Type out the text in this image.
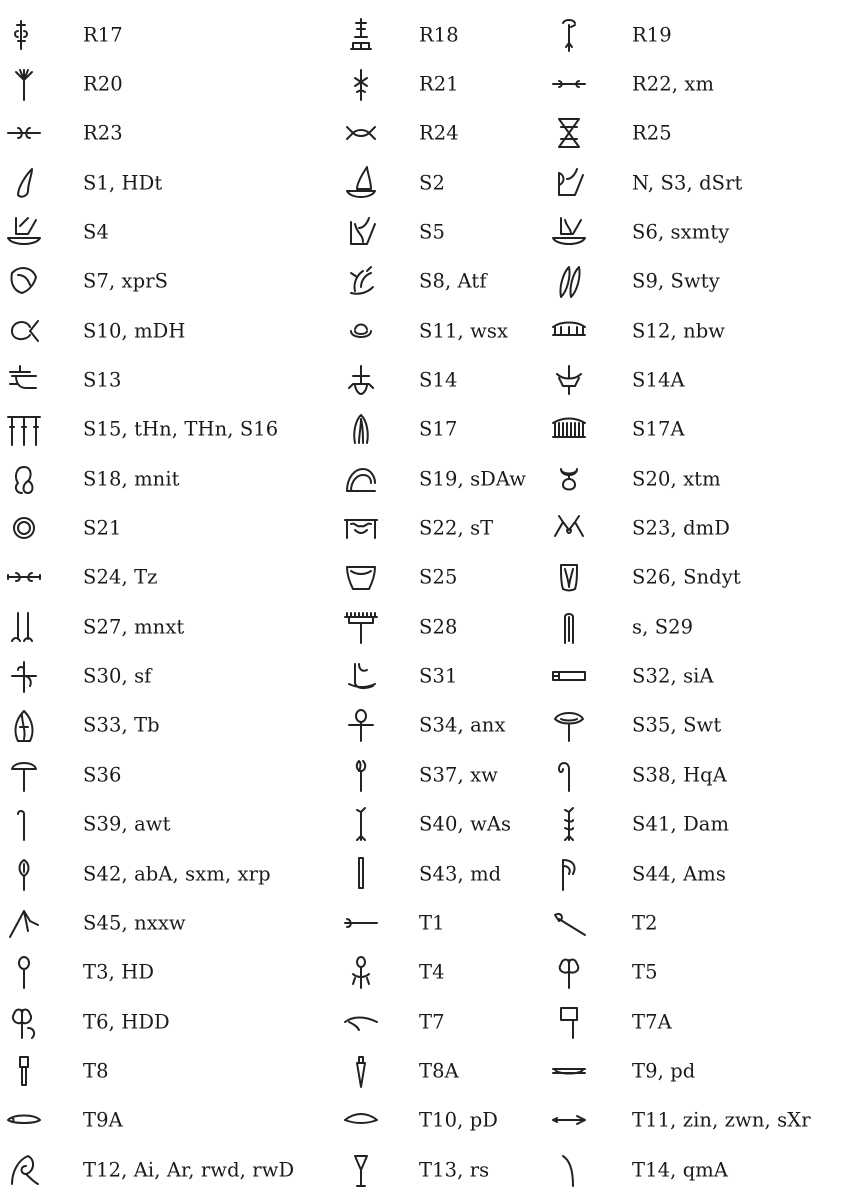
R17	R18	R19
R20	R21	R22, xm
R23	R24	R25
S1, HDt	S2	N, S3, dSrt
S4	S5	S6, sxmty
S7, xprS	S8, Atf	S9, Swty
S10, mDH	S11, wsx	S12, nbw
S13	S14	S14A
S15, tHn, THn, S16	S17	S17A
S18, mnit	S19, sDAw	S20, xtm
S21	S22, sT	S23, dmD
S24, Tz	S25	S26, Sndyt
S27, mnxt	S28	s, S29
S30, sf	S31	S32, siA
S33, Tb	S34, anx	S35, Swt
S36	S37, xw	S38, HqA
S39, awt	S40, wAs	S41, Dam
S42, abA, sxm, xrp	S43, md	S44, Ams
S45, nxxw	T1	T2
T3, HD	T4	T5
T6, HDD	T7	T7A
T8	T8A	T9, pd
T9A	T10, pD	T11, zin, zwn, sXr
T12, Ai, Ar, rwd, rwD	T13, rs	T14, qmA
